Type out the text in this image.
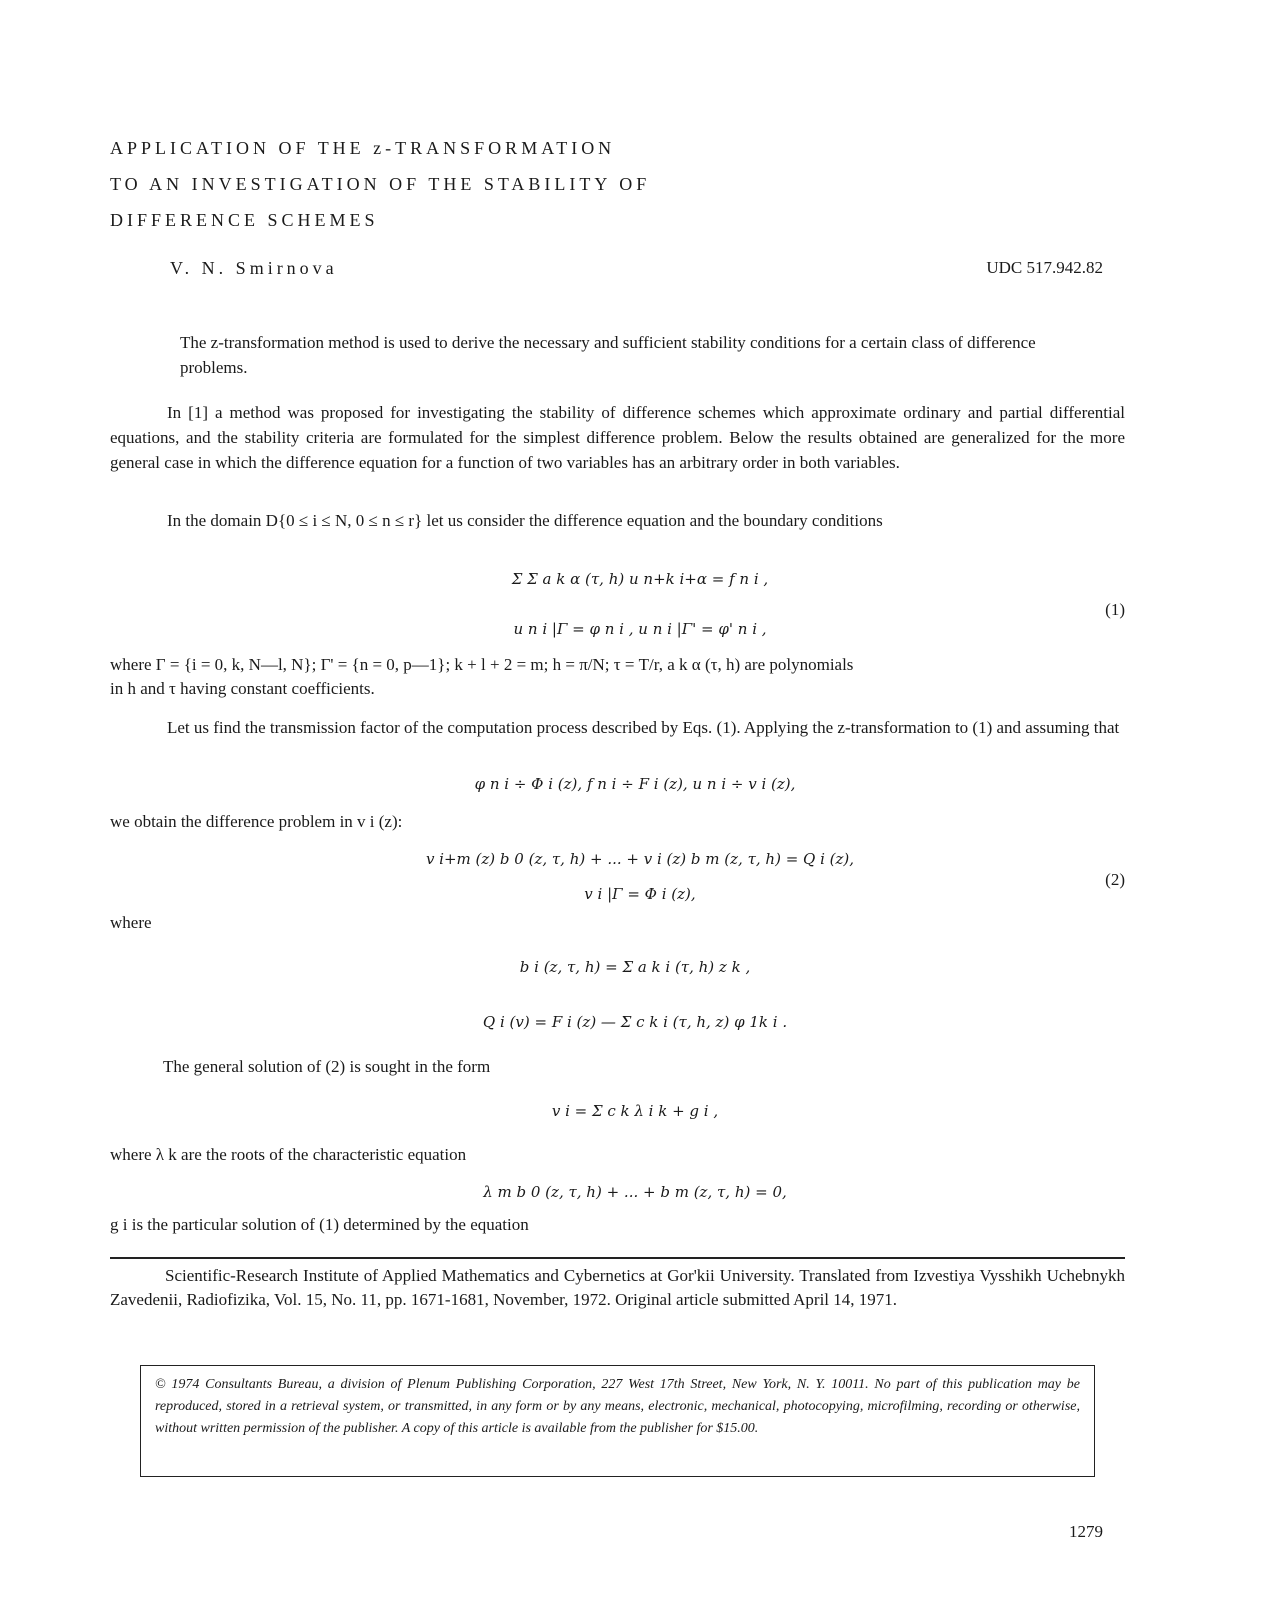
APPLICATION OF THE z-TRANSFORMATION
TO AN INVESTIGATION OF THE STABILITY OF
DIFFERENCE SCHEMES
V. N. Smirnova	UDC 517.942.82
The z-transformation method is used to derive the necessary and sufficient stability conditions for a certain class of difference problems.
In [1] a method was proposed for investigating the stability of difference schemes which approximate ordinary and partial differential equations, and the stability criteria are formulated for the simplest difference problem. Below the results obtained are generalized for the more general case in which the difference equation for a function of two variables has an arbitrary order in both variables.
In the domain D{0 ≤ i ≤ N, 0 ≤ n ≤ r} let us consider the difference equation and the boundary conditions
Σ Σ a k α (τ, h) u n+k i+α = f n i ,
u n i |Γ = φ n i , u n i |Γ' = φ' n i ,
(1)
where Γ = {i = 0, k, N—l, N}; Γ' = {n = 0, p—1}; k + l + 2 = m; h = π/N; τ = T/r, a k α (τ, h) are polynomials
in h and τ having constant coefficients.
Let us find the transmission factor of the computation process described by Eqs. (1). Applying the z-transformation to (1) and assuming that
φ n i ÷ Φ i (z), f n i ÷ F i (z), u n i ÷ v i (z),
we obtain the difference problem in v i (z):
v i+m (z) b 0 (z, τ, h) + ... + v i (z) b m (z, τ, h) = Q i (z),
v i |Γ = Φ i (z),
(2)
where
b i (z, τ, h) = Σ a k i (τ, h) z k ,
Q i (v) = F i (z) — Σ c k i (τ, h, z) φ 1k i .
The general solution of (2) is sought in the form
v i = Σ c k λ i k + g i ,
where λ k are the roots of the characteristic equation
λ m b 0 (z, τ, h) + ... + b m (z, τ, h) = 0,
g i is the particular solution of (1) determined by the equation

Scientific-Research Institute of Applied Mathematics and Cybernetics at Gor'kii University. Translated from Izvestiya Vysshikh Uchebnykh Zavedenii, Radiofizika, Vol. 15, No. 11, pp. 1671-1681, November, 1972. Original article submitted April 14, 1971.

© 1974 Consultants Bureau, a division of Plenum Publishing Corporation, 227 West 17th Street, New York, N. Y. 10011. No part of this publication may be reproduced, stored in a retrieval system, or transmitted, in any form or by any means, electronic, mechanical, photocopying, microfilming, recording or otherwise, without written permission of the publisher. A copy of this article is available from the publisher for $15.00.
1279
